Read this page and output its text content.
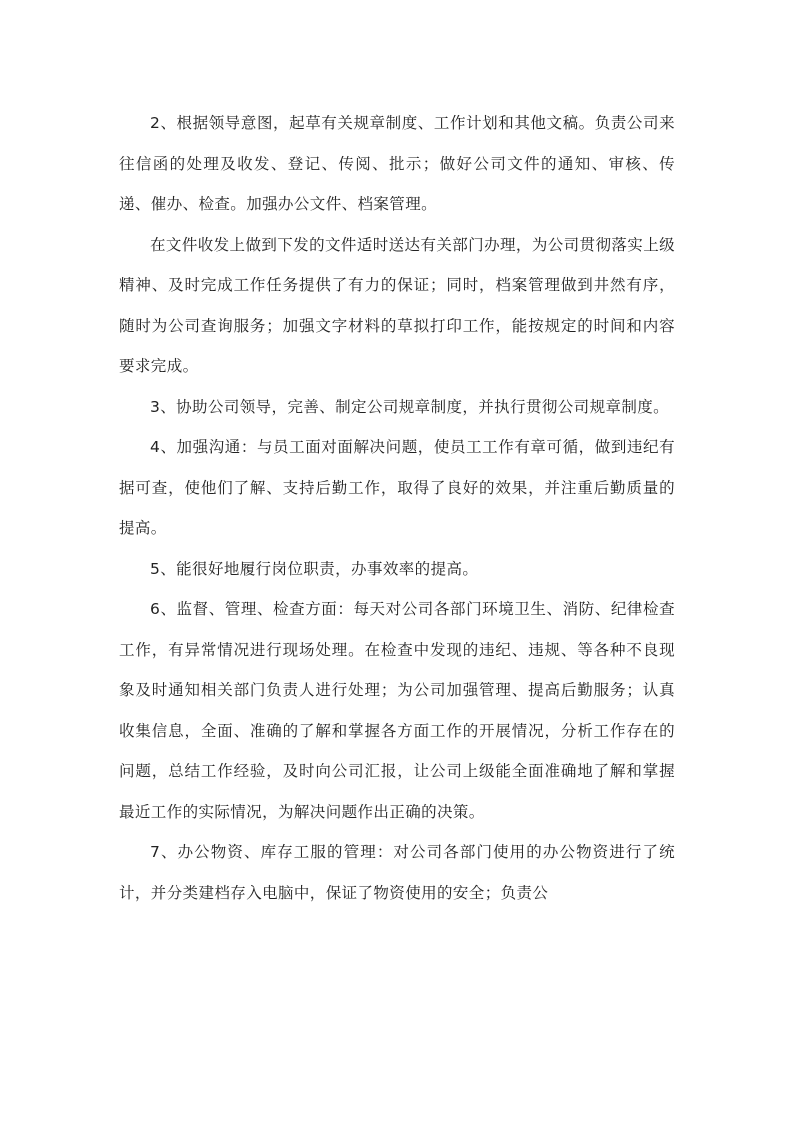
2、根据领导意图，起草有关规章制度、工作计划和其他文稿。负责公司来往信函的处理及收发、登记、传阅、批示；做好公司文件的通知、审核、传递、催办、检查。加强办公文件、档案管理。

在文件收发上做到下发的文件适时送达有关部门办理，为公司贯彻落实上级精神、及时完成工作任务提供了有力的保证；同时，档案管理做到井然有序，随时为公司查询服务；加强文字材料的草拟打印工作，能按规定的时间和内容要求完成。

3、协助公司领导，完善、制定公司规章制度，并执行贯彻公司规章制度。

4、加强沟通：与员工面对面解决问题，使员工工作有章可循，做到违纪有据可查，使他们了解、支持后勤工作，取得了良好的效果，并注重后勤质量的提高。

5、能很好地履行岗位职责，办事效率的提高。

6、监督、管理、检查方面：每天对公司各部门环境卫生、消防、纪律检查工作，有异常情况进行现场处理。在检查中发现的违纪、违规、等各种不良现象及时通知相关部门负责人进行处理；为公司加强管理、提高后勤服务；认真收集信息，全面、准确的了解和掌握各方面工作的开展情况，分析工作存在的问题，总结工作经验，及时向公司汇报，让公司上级能全面准确地了解和掌握最近工作的实际情况，为解决问题作出正确的决策。

7、办公物资、库存工服的管理：对公司各部门使用的办公物资进行了统计，并分类建档存入电脑中，保证了物资使用的安全；负责公
